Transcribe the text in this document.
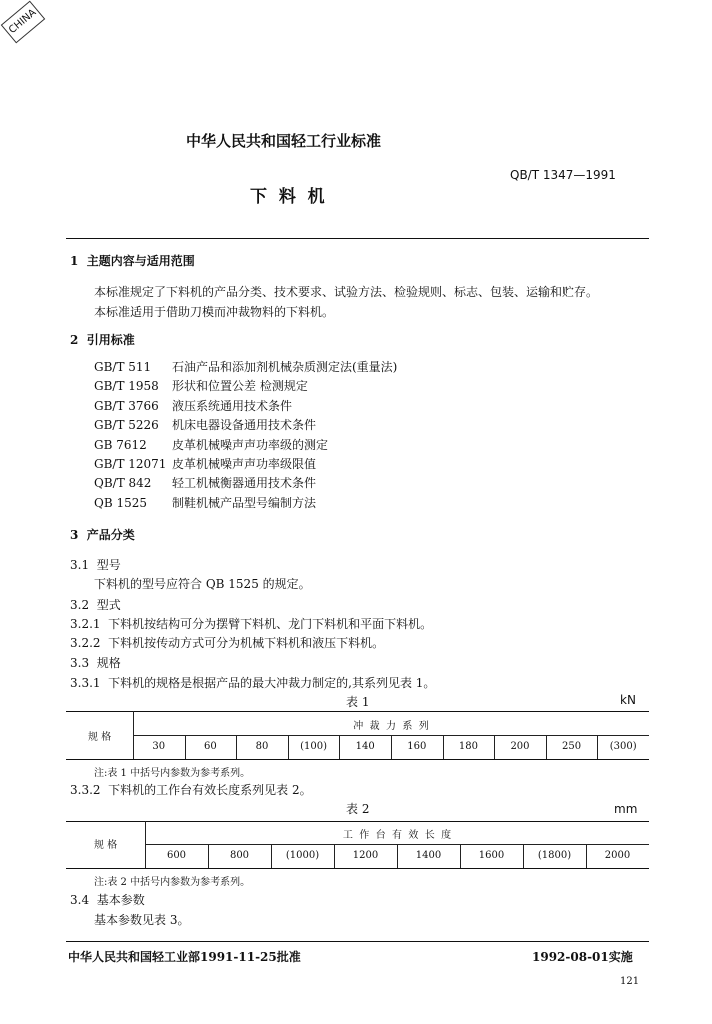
CHINA
中华人民共和国轻工行业标准
QB/T 1347—1991
下  料  机
1  主题内容与适用范围
本标准规定了下料机的产品分类、技术要求、试验方法、检验规则、标志、包装、运输和贮存。
本标准适用于借助刀模而冲裁物料的下料机。
2  引用标准
GB/T 511 石油产品和添加剂机械杂质测定法(重量法)
GB/T 1958 形状和位置公差 检测规定
GB/T 3766 液压系统通用技术条件
GB/T 5226 机床电器设备通用技术条件
GB 7612 皮革机械噪声声功率级的测定
GB/T 12071 皮革机械噪声声功率级限值
QB/T 842 轻工机械衡器通用技术条件
QB 1525 制鞋机械产品型号编制方法
3  产品分类
3.1  型号
下料机的型号应符合 QB 1525 的规定。
3.2  型式
3.2.1  下料机按结构可分为摆臂下料机、龙门下料机和平面下料机。
3.2.2  下料机按传动方式可分为机械下料机和液压下料机。
3.3  规格
3.3.1  下料机的规格是根据产品的最大冲裁力制定的,其系列见表 1。
表 1	kN
规 格
冲  裁  力  系  列
30	60	80	(100)	140	160	180	200	250	(300)
注:表 1 中括号内参数为参考系列。
3.3.2  下料机的工作台有效长度系列见表 2。
表 2	mm
规 格
工  作  台  有  效  长  度
600	800	(1000)	1200	1400	1600	(1800)	2000
注:表 2 中括号内参数为参考系列。
3.4  基本参数
基本参数见表 3。
中华人民共和国轻工业部1991-11-25批准	1992-08-01实施
121
